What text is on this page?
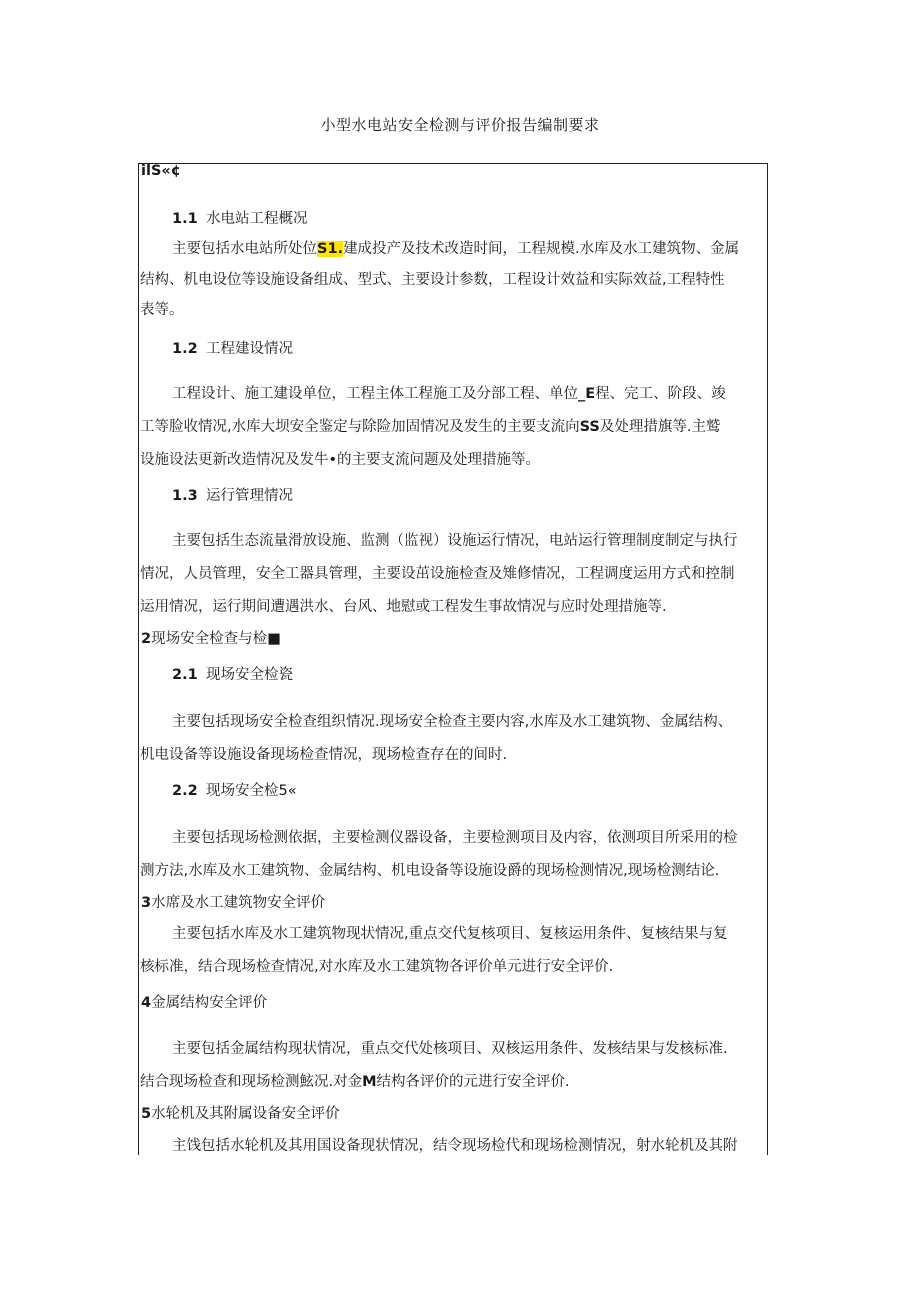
小型水电站安全检测与评价报告编制要求
ilS«¢
1.1 水电站工程概况
主要包括水电站所处位S1.建成投产及技术改造时间，工程规模.水库及水工建筑物、金属
结构、机电设位等设施设备组成、型式、主要设计参数，工程设计效益和实际效益,工程特性
表等。
1.2 工程建设情况
工程设计、施工建设单位，工程主体工程施工及分部工程、单位_E程、完工、阶段、竣
工等脸收情况,水库大坝安全鉴定与除险加固情况及发生的主要支流向SS及处理措旗等.主鹫
设施设法更新改造情况及发牛•的主要支流问题及处理措施等。
1.3 运行管理情况
主要包括生态流量滑放设施、监测（监视）设施运行情况，电站运行管理制度制定与执行
情况，人员管理，安全工器具管理，主要设茁设施检查及雉修情况，工程调度运用方式和控制
运用情况，运行期间遭遇洪水、台风、地慰或工程发生事故情况与应时处理措施等.
2现场安全检查与检■
2.1 现场安全检瓷
主要包括现场安全检查组织情况.现场安全检查主要内容,水库及水工建筑物、金属结构、
机电设备等设施设备现场检查情况，现场检查存在的间时.
2.2 现场安全检5«
主要包括现场检测依据，主要检测仪器设备，主要检测项目及内容，依测项目所采用的检
测方法,水库及水工建筑物、金属结构、机电设备等设施设爵的现场检测情况,现场检测结论.
3水席及水工建筑物安全评价
主要包括水库及水工建筑物现状情况,重点交代复核项目、复核运用条件、复核结果与复
核标准，结合现场检查情况,对水库及水工建筑物各评价单元进行安全评价.
4金属结构安全评价
主要包括金属结构现状情况，重点交代处核项目、双核运用条件、发核结果与发核标准.
结合现场检查和现场检测鮌况.对金M结构各评价的元进行安全评价.
5水轮机及其附属设备安全评价
主饯包括水轮机及其用国设备现状情况，结令现场检代和现场检测情况，射水轮机及其附
